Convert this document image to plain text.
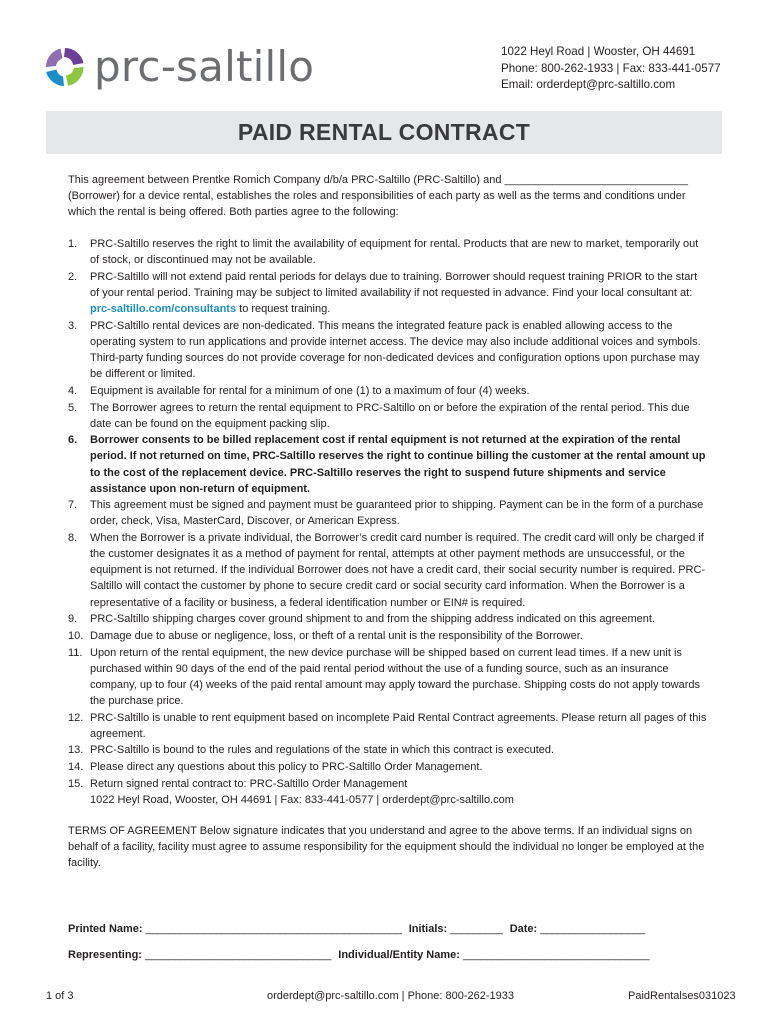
prc-saltillo	1022 Heyl Road | Wooster, OH 44691
Phone: 800-262-1933 | Fax: 833-441-0577
Email: orderdept@prc-saltillo.com
PAID RENTAL CONTRACT

This agreement between Prentke Romich Company d/b/a PRC-Saltillo (PRC-Saltillo) and ______________________________ (Borrower) for a device rental, establishes the roles and responsibilities of each party as well as the terms and conditions under which the rental is being offered. Both parties agree to the following:

1.	PRC-Saltillo reserves the right to limit the availability of equipment for rental. Products that are new to market, temporarily out of stock, or discontinued may not be available.
2.	PRC-Saltillo will not extend paid rental periods for delays due to training. Borrower should request training PRIOR to the start of your rental period. Training may be subject to limited availability if not requested in advance. Find your local consultant at: prc-saltillo.com/consultants to request training.
3.	PRC-Saltillo rental devices are non-dedicated. This means the integrated feature pack is enabled allowing access to the operating system to run applications and provide internet access. The device may also include additional voices and symbols. Third-party funding sources do not provide coverage for non-dedicated devices and configuration options upon purchase may be different or limited.
4.	Equipment is available for rental for a minimum of one (1) to a maximum of four (4) weeks.
5.	The Borrower agrees to return the rental equipment to PRC-Saltillo on or before the expiration of the rental period. This due date can be found on the equipment packing slip.
6.	Borrower consents to be billed replacement cost if rental equipment is not returned at the expiration of the rental period. If not returned on time, PRC-Saltillo reserves the right to continue billing the customer at the rental amount up to the cost of the replacement device. PRC-Saltillo reserves the right to suspend future shipments and service assistance upon non-return of equipment.
7.	This agreement must be signed and payment must be guaranteed prior to shipping. Payment can be in the form of a purchase order, check, Visa, MasterCard, Discover, or American Express.
8.	When the Borrower is a private individual, the Borrower’s credit card number is required. The credit card will only be charged if the customer designates it as a method of payment for rental, attempts at other payment methods are unsuccessful, or the equipment is not returned. If the individual Borrower does not have a credit card, their social security number is required. PRC-Saltillo will contact the customer by phone to secure credit card or social security card information. When the Borrower is a representative of a facility or business, a federal identification number or EIN# is required.
9.	PRC-Saltillo shipping charges cover ground shipment to and from the shipping address indicated on this agreement.
10. Damage due to abuse or negligence, loss, or theft of a rental unit is the responsibility of the Borrower.
11. Upon return of the rental equipment, the new device purchase will be shipped based on current lead times. If a new unit is purchased within 90 days of the end of the paid rental period without the use of a funding source, such as an insurance company, up to four (4) weeks of the paid rental amount may apply toward the purchase. Shipping costs do not apply towards the purchase price.
12. PRC-Saltillo is unable to rent equipment based on incomplete Paid Rental Contract agreements. Please return all pages of this agreement.
13. PRC-Saltillo is bound to the rules and regulations of the state in which this contract is executed.
14. Please direct any questions about this policy to PRC-Saltillo Order Management.
15. Return signed rental contract to: PRC-Saltillo Order Management
1022 Heyl Road, Wooster, OH 44691 | Fax: 833-441-0577 | orderdept@prc-saltillo.com

TERMS OF AGREEMENT Below signature indicates that you understand and agree to the above terms. If an individual signs on behalf of a facility, facility must agree to assume responsibility for the equipment should the individual no longer be employed at the facility.

Printed Name: ____________________________________________ Initials: _________ Date: __________________
Representing: ________________________________ Individual/Entity Name: ________________________________
1 of 3	orderdept@prc-saltillo.com | Phone: 800-262-1933	PaidRentalses031023
